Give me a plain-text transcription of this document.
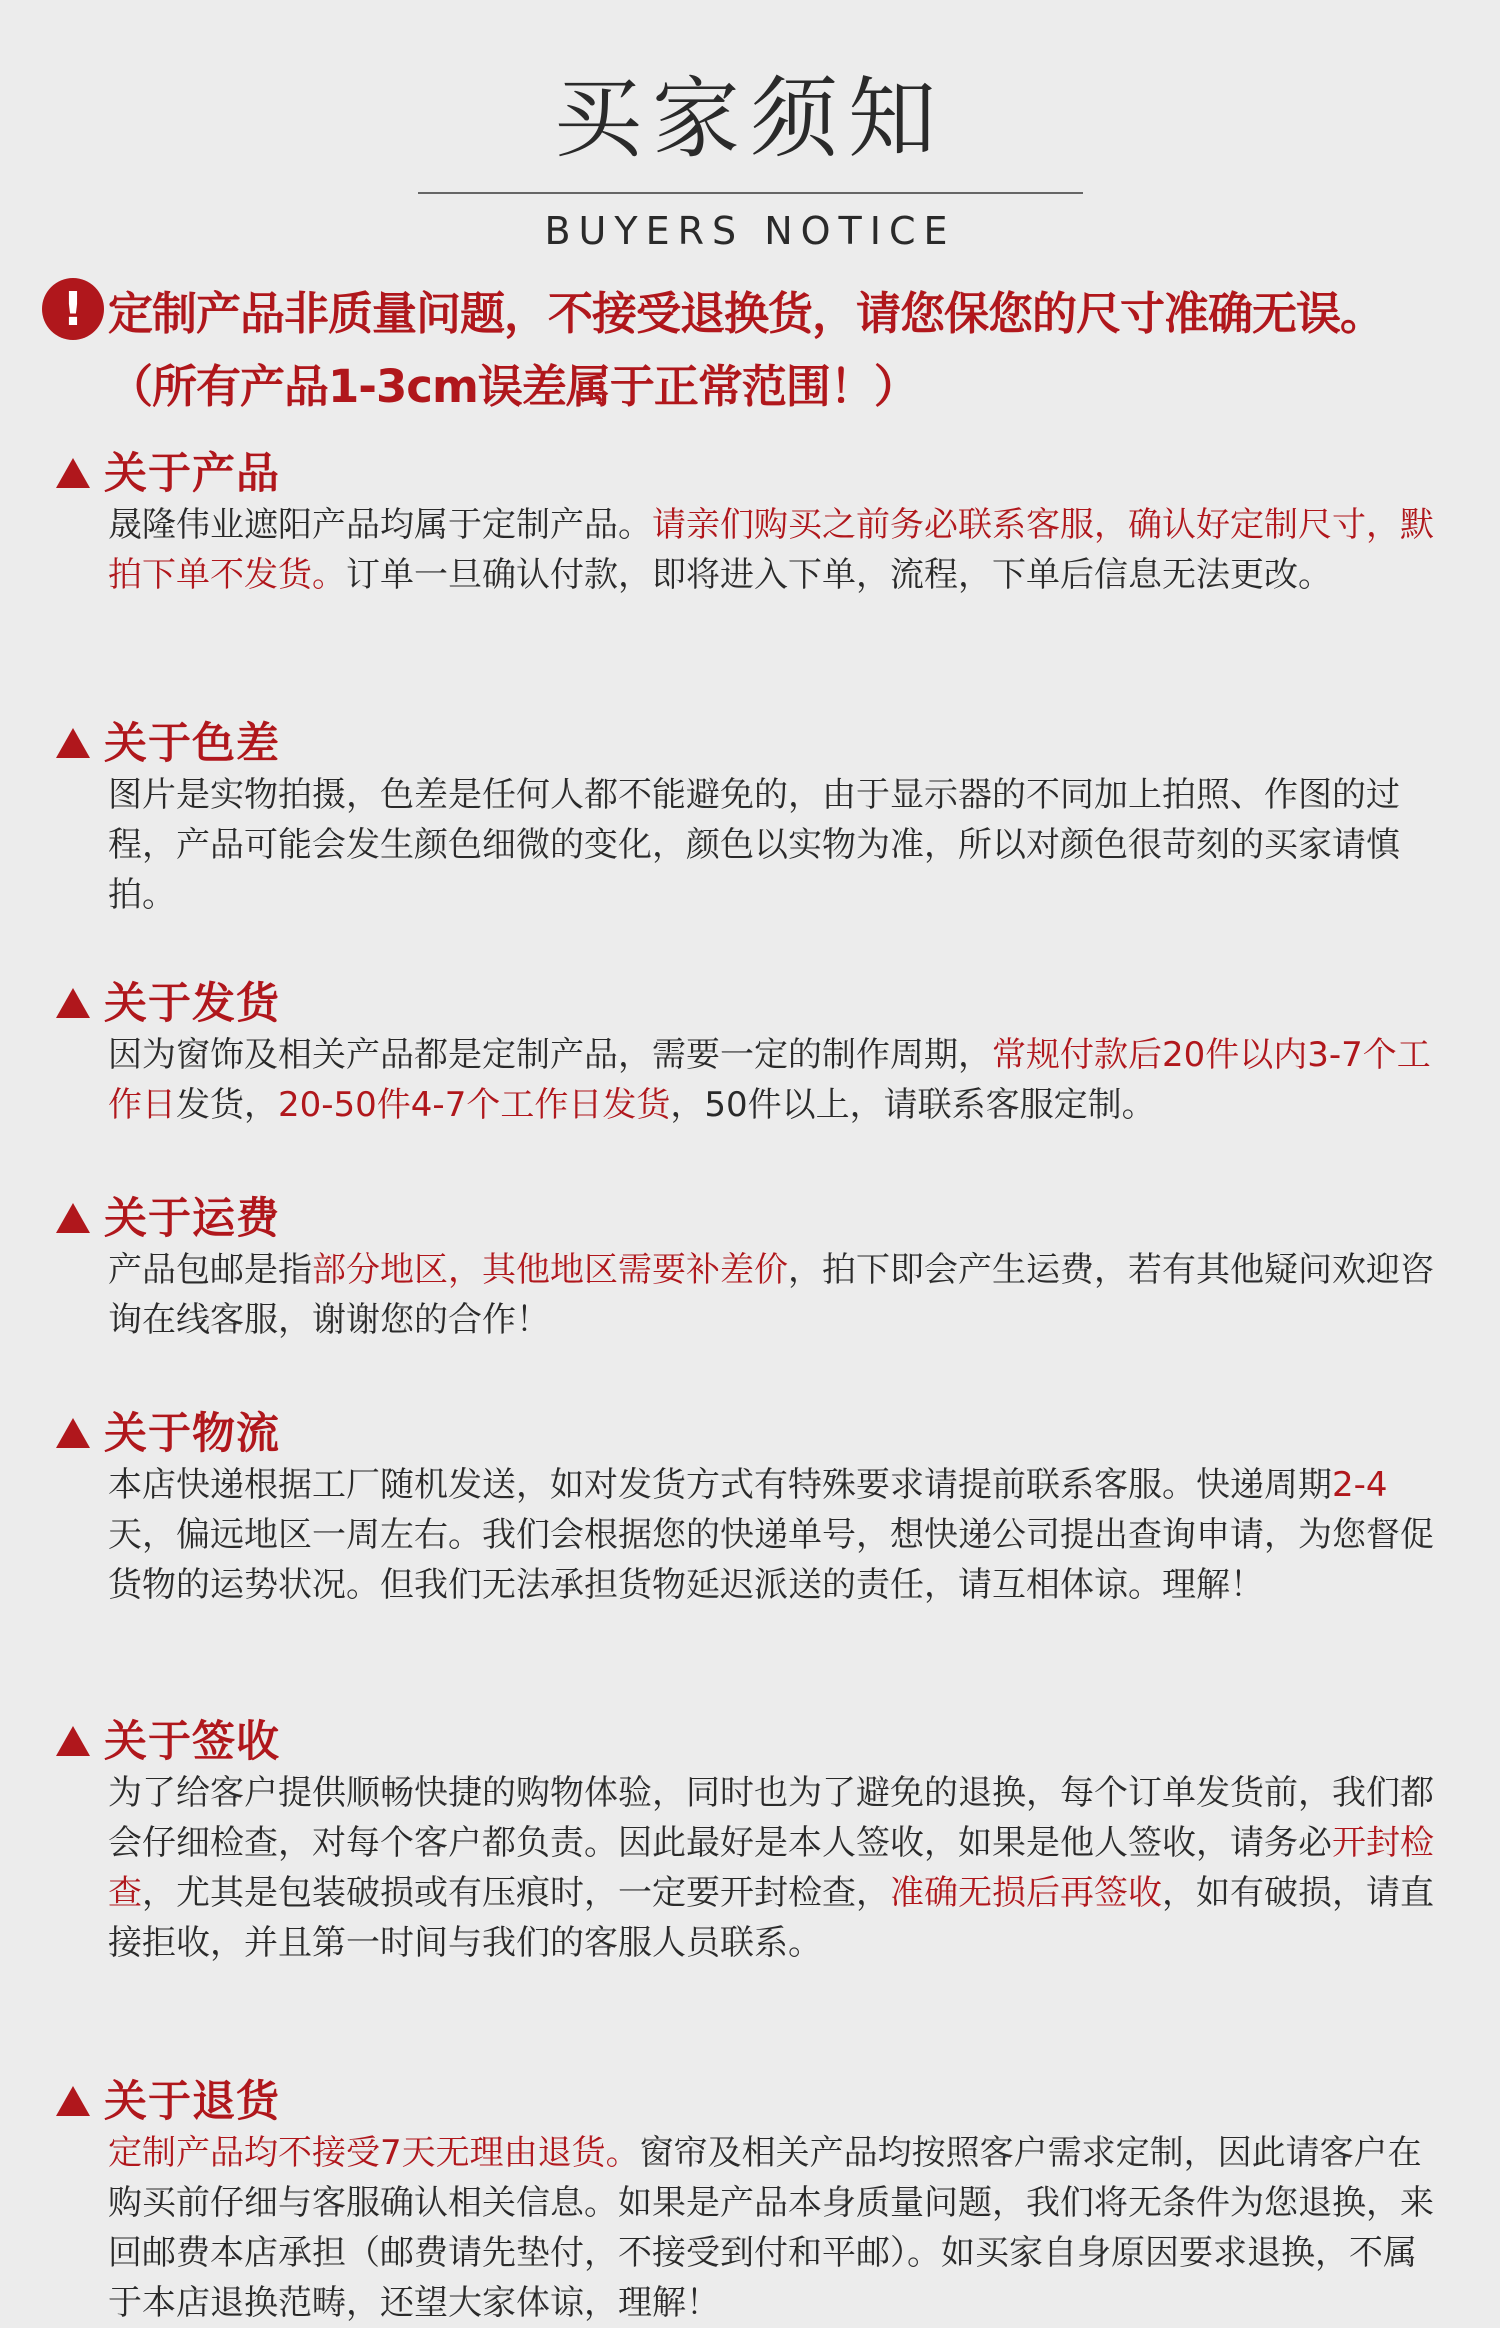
买家须知
BUYERS NOTICE
! 定制产品非质量问题，不接受退换货，请您保您的尺寸准确无误。
（所有产品1-3cm误差属于正常范围！）
关于产品
晟隆伟业遮阳产品均属于定制产品。请亲们购买之前务必联系客服，确认好定制尺寸，默拍下单不发货。订单一旦确认付款，即将进入下单，流程，下单后信息无法更改。
关于色差
图片是实物拍摄，色差是任何人都不能避免的，由于显示器的不同加上拍照、作图的过程，产品可能会发生颜色细微的变化，颜色以实物为准，所以对颜色很苛刻的买家请慎拍。
关于发货
因为窗饰及相关产品都是定制产品，需要一定的制作周期，常规付款后20件以内3-7个工作日发货，20-50件4-7个工作日发货，50件以上，请联系客服定制。
关于运费
产品包邮是指部分地区，其他地区需要补差价，拍下即会产生运费，若有其他疑问欢迎咨询在线客服，谢谢您的合作！
关于物流
本店快递根据工厂随机发送，如对发货方式有特殊要求请提前联系客服。快递周期2-4天，偏远地区一周左右。我们会根据您的快递单号，想快递公司提出查询申请，为您督促货物的运势状况。但我们无法承担货物延迟派送的责任，请互相体谅。理解！
关于签收
为了给客户提供顺畅快捷的购物体验，同时也为了避免的退换，每个订单发货前，我们都会仔细检查，对每个客户都负责。因此最好是本人签收，如果是他人签收，请务必开封检查，尤其是包装破损或有压痕时，一定要开封检查，准确无损后再签收，如有破损，请直接拒收，并且第一时间与我们的客服人员联系。
关于退货
定制产品均不接受7天无理由退货。窗帘及相关产品均按照客户需求定制，因此请客户在购买前仔细与客服确认相关信息。如果是产品本身质量问题，我们将无条件为您退换，来回邮费本店承担（邮费请先垫付，不接受到付和平邮）。如买家自身原因要求退换，不属于本店退换范畴，还望大家体谅，理解！
